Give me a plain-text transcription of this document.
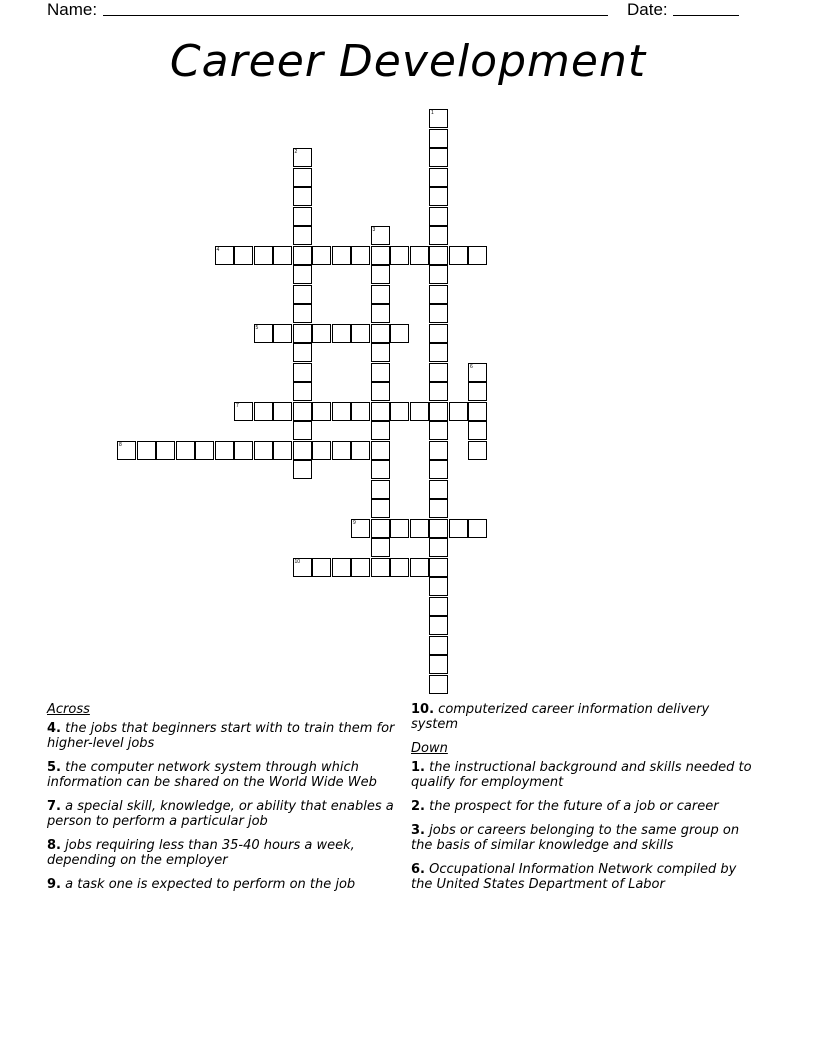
Name:	Date:
Career Development
1
2
3
4
5
6
7
8
9
10
Across
4. the jobs that beginners start with to train them for higher-level jobs
5. the computer network system through which information can be shared on the World Wide Web
7. a special skill, knowledge, or ability that enables a person to perform a particular job
8. jobs requiring less than 35-40 hours a week, depending on the employer
9. a task one is expected to perform on the job
10. computerized career information delivery system
Down
1. the instructional background and skills needed to qualify for employment
2. the prospect for the future of a job or career
3. jobs or careers belonging to the same group on the basis of similar knowledge and skills
6. Occupational Information Network compiled by the United States Department of Labor
